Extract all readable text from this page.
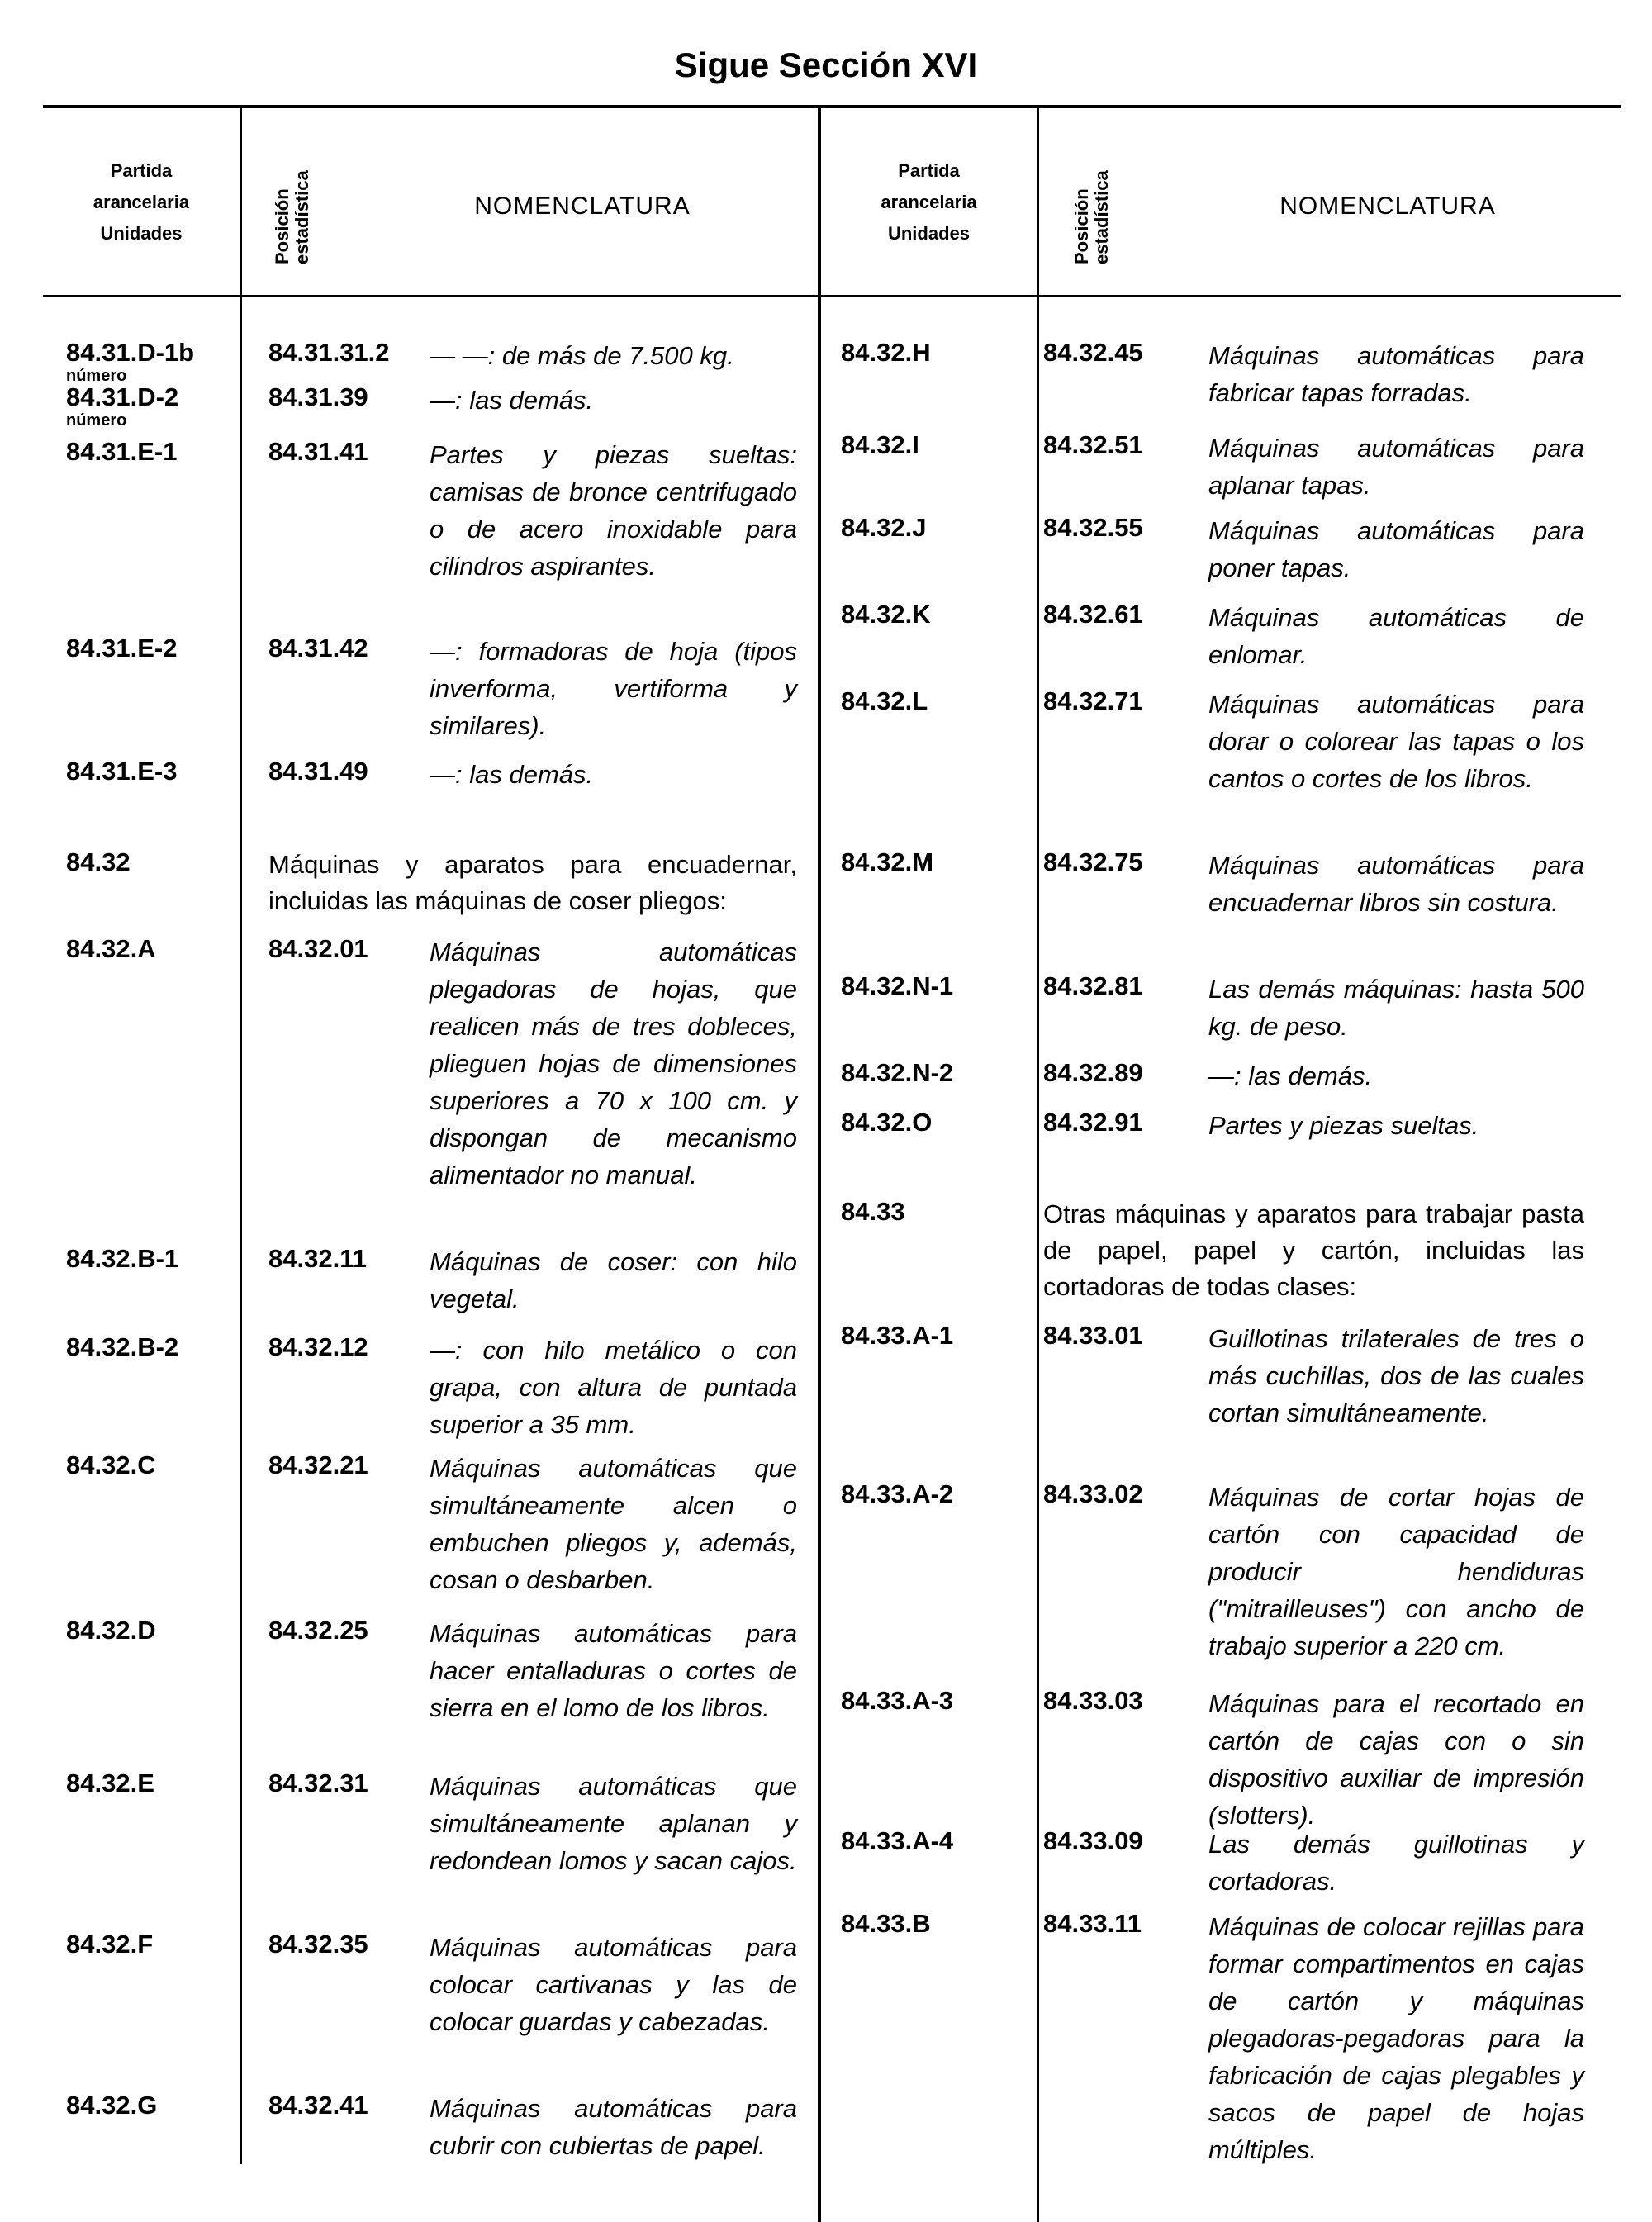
Sigue Sección XVI
Partida
arancelaria
Unidades	Posición estadística	NOMENCLATURA
Partida
arancelaria
Unidades	Posición estadística	NOMENCLATURA
84.31.D-1b
número
84.31.31.2 — —: de más de 7.500 kg.
84.31.D-2
número
84.31.39 —: las demás.
84.31.E-1	84.31.41 Partes y piezas sueltas: camisas de bronce centrifugado o de acero inoxidable para cilindros aspirantes.
84.31.E-2	84.31.42 —: formadoras de hoja (tipos inverforma, vertiforma y similares).
84.31.E-3	84.31.49 —: las demás.
84.32	Máquinas y aparatos para encuadernar, incluidas las máquinas de coser pliegos:
84.32.A	84.32.01 Máquinas automáticas plegadoras de hojas, que realicen más de tres dobleces, plieguen hojas de dimensiones superiores a 70 x 100 cm. y dispongan de mecanismo alimentador no manual.
84.32.B-1	84.32.11 Máquinas de coser: con hilo vegetal.
84.32.B-2	84.32.12 —: con hilo metálico o con grapa, con altura de puntada superior a 35 mm.
84.32.C	84.32.21 Máquinas automáticas que simultáneamente alcen o embuchen pliegos y, además, cosan o desbarben.
84.32.D	84.32.25 Máquinas automáticas para hacer entalladuras o cortes de sierra en el lomo de los libros.
84.32.E	84.32.31 Máquinas automáticas que simultáneamente aplanan y redondean lomos y sacan cajos.
84.32.F	84.32.35 Máquinas automáticas para colocar cartivanas y las de colocar guardas y cabezadas.
84.32.G	84.32.41 Máquinas automáticas para cubrir con cubiertas de papel.
84.32.H	84.32.45	Máquinas automáticas para fabricar tapas forradas.
84.32.I	84.32.51	Máquinas automáticas para aplanar tapas.
84.32.J	84.32.55	Máquinas automáticas para poner tapas.
84.32.K	84.32.61	Máquinas automáticas de enlomar.
84.32.L	84.32.71	Máquinas automáticas para dorar o colorear las tapas o los cantos o cortes de los libros.
84.32.M	84.32.75	Máquinas automáticas para encuadernar libros sin costura.
84.32.N-1	84.32.81	Las demás máquinas: hasta 500 kg. de peso.
84.32.N-2	84.32.89	—: las demás.
84.32.O	84.32.91	Partes y piezas sueltas.
84.33	Otras máquinas y aparatos para trabajar pasta de papel, papel y cartón, incluidas las cortadoras de todas clases:
84.33.A-1	84.33.01	Guillotinas trilaterales de tres o más cuchillas, dos de las cuales cortan simultáneamente.
84.33.A-2	84.33.02	Máquinas de cortar hojas de cartón con capacidad de producir hendiduras ("mitrailleuses") con ancho de trabajo superior a 220 cm.
84.33.A-3	84.33.03	Máquinas para el recortado en cartón de cajas con o sin dispositivo auxiliar de impresión (slotters).
84.33.A-4	84.33.09	Las demás guillotinas y cortadoras.
84.33.B	84.33.11	Máquinas de colocar rejillas para formar compartimentos en cajas de cartón y máquinas plegadoras-pegadoras para la fabricación de cajas plegables y sacos de papel de hojas múltiples.
